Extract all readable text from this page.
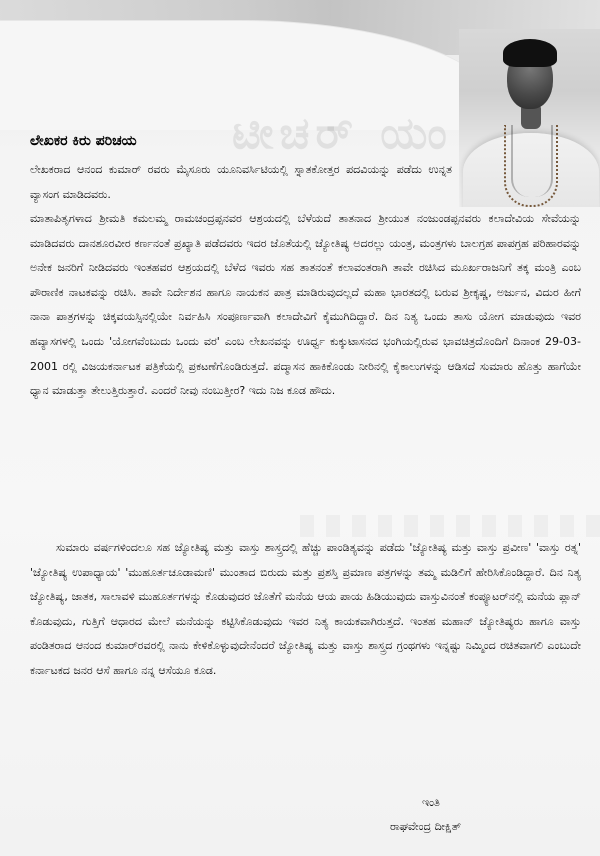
ಟೀಚರ್ ಯಂ
ಲೇಖಕರ ಕಿರು ಪರಿಚಯ

ಲೇಖಕರಾದ ಆನಂದ ಕುಮಾರ್ ರವರು ಮೈಸೂರು ಯೂನಿವರ್ಸಿಟಿಯಲ್ಲಿ ಸ್ನಾತಕೋತ್ತರ ಪದವಿಯನ್ನು ಪಡೆದು ಉನ್ನತ ವ್ಯಾಸಂಗ ಮಾಡಿದವರು.

ಮಾತಾಪಿತೃಗಳಾದ ಶ್ರೀಮತಿ ಕಮಲಮ್ಮ ರಾಮಚಂದ್ರಪ್ಪನವರ ಆಶ್ರಯದಲ್ಲಿ ಬೆಳೆಯದೆ ತಾತನಾದ ಶ್ರೀಯುತ ನಂಜುಂಡಪ್ಪನವರು ಕಲಾದೇವಿಯ ಸೇವೆಯನ್ನು ಮಾಡಿದವರು ದಾನಶೂರವೀರ ಕರ್ಣನಂತೆ ಪ್ರಖ್ಯಾತಿ ಪಡೆದವರು ಇದರ ಜೊತೆಯಲ್ಲಿ ಜ್ಯೋತಿಷ್ಯ ಅದರಲ್ಲು ಯಂತ್ರ, ಮಂತ್ರಗಳು ಬಾಲಗ್ರಹ ಪಾಪಗ್ರಹ ಪರಿಹಾರವನ್ನು ಅನೇಕ ಜನರಿಗೆ ನೀಡಿದವರು ಇಂತಹವರ ಆಶ್ರಯದಲ್ಲಿ ಬೆಳೆದ ಇವರು ಸಹ ತಾತನಂತೆ ಕಲಾವಂತರಾಗಿ ತಾವೇ ರಚಿಸಿದ ಮೂರ್ಖರಾಜನಿಗೆ ತಕ್ಕ ಮಂತ್ರಿ ಎಂಬ ಪೌರಾಣಿಕ ನಾಟಕವನ್ನು ರಚಿಸಿ. ತಾವೇ ನಿರ್ದೇಶನ ಹಾಗೂ ನಾಯಕನ ಪಾತ್ರ ಮಾಡಿರುವುದಲ್ಲದೆ ಮಹಾ ಭಾರತದಲ್ಲಿ ಬರುವ ಶ್ರೀಕೃಷ್ಣ, ಅರ್ಜುನ, ವಿದುರ ಹೀಗೆ ನಾನಾ ಪಾತ್ರಗಳನ್ನು ಚಿಕ್ಕವಯಸ್ಸಿನಲ್ಲಿಯೇ ನಿರ್ವಹಿಸಿ ಸಂಪೂರ್ಣವಾಗಿ ಕಲಾದೇವಿಗೆ ಕೈಮುಗಿದಿದ್ದಾರೆ. ದಿನ ನಿತ್ಯ ಒಂದು ತಾಸು ಯೋಗ ಮಾಡುವುದು ಇವರ ಹವ್ಯಾಸಗಳಲ್ಲಿ ಒಂದು 'ಯೋಗವೆಂಬುದು ಒಂದು ವರ' ಎಂಬ ಲೇಖನವನ್ನು ಊರ್ಧ್ವ ಕುಕ್ಕುಟಾಸನದ ಭಂಗಿಯಲ್ಲಿರುವ ಭಾವಚಿತ್ರದೊಂದಿಗೆ ದಿನಾಂಕ 29-03-2001 ರಲ್ಲಿ ವಿಜಯಕರ್ನಾಟಕ ಪತ್ರಿಕೆಯಲ್ಲಿ ಪ್ರಕಟಣೆಗೊಂಡಿರುತ್ತದೆ. ಪದ್ಮಾಸನ ಹಾಕಿಕೊಂಡು ನೀರಿನಲ್ಲಿ ಕೈಕಾಲುಗಳನ್ನು ಆಡಿಸದೆ ಸುಮಾರು ಹೊತ್ತು ಹಾಗೆಯೇ ಧ್ಯಾನ ಮಾಡುತ್ತಾ ತೇಲುತ್ತಿರುತ್ತಾರೆ. ಎಂದರೆ ನೀವು ನಂಬುತ್ತೀರ? ಇದು ನಿಜ ಕೂಡ ಹೌದು.

ಸುಮಾರು ವರ್ಷಗಳಿಂದಲೂ ಸಹ ಜ್ಯೋತಿಷ್ಯ ಮತ್ತು ವಾಸ್ತು ಶಾಸ್ತ್ರದಲ್ಲಿ ಹೆಚ್ಚು ಪಾಂಡಿತ್ಯವನ್ನು ಪಡೆದು 'ಜ್ಯೋತಿಷ್ಯ ಮತ್ತು ವಾಸ್ತು ಪ್ರವೀಣ' 'ವಾಸ್ತು ರತ್ನ' 'ಜ್ಯೋತಿಷ್ಯ ಉಪಾಧ್ಯಾಯ' 'ಮುಹೂರ್ತಚೂಡಾಮಣಿ' ಮುಂತಾದ ಬಿರುದು ಮತ್ತು ಪ್ರಶಸ್ತಿ ಪ್ರಮಾಣ ಪತ್ರಗಳನ್ನು ತಮ್ಮ ಮಡಿಲಿಗೆ ಹೇರಿಸಿಕೊಂಡಿದ್ದಾರೆ. ದಿನ ನಿತ್ಯ ಜ್ಯೋತಿಷ್ಯ, ಜಾತಕ, ಸಾಲಾವಳಿ ಮುಹೂರ್ತಗಳನ್ನು ಕೊಡುವುದರ ಜೊತೆಗೆ ಮನೆಯ ಆಯ ಪಾಯ ಹಿಡಿಯುವುದು ವಾಸ್ತುವಿನಂತೆ ಕಂಪ್ಯೂಟರ್‌ನಲ್ಲಿ ಮನೆಯ ಪ್ಲಾನ್ ಕೊಡುವುದು, ಗುತ್ತಿಗೆ ಆಧಾರದ ಮೇಲೆ ಮನೆಯನ್ನು ಕಟ್ಟಿಸಿಕೊಡುವುದು ಇವರ ನಿತ್ಯ ಕಾಯಕವಾಗಿರುತ್ತದೆ. ಇಂತಹ ಮಹಾನ್ ಜ್ಯೋತಿಷ್ಯರು ಹಾಗೂ ವಾಸ್ತು ಪಂಡಿತರಾದ ಆನಂದ ಕುಮಾರ್‌ರವರಲ್ಲಿ ನಾನು ಕೇಳಿಕೊಳ್ಳುವುದೇನೆಂದರೆ ಜ್ಯೋತಿಷ್ಯ ಮತ್ತು ವಾಸ್ತು ಶಾಸ್ತ್ರದ ಗ್ರಂಥಗಳು ಇನ್ನಷ್ಟು ನಿಮ್ಮಿಂದ ರಚಿತವಾಗಲಿ ಎಂಬುದೇ ಕರ್ನಾಟಕದ ಜನರ ಆಸೆ ಹಾಗೂ ನನ್ನ ಆಸೆಯೂ ಕೂಡ.

ಇಂತಿ
ರಾಘವೇಂದ್ರ ದೀಕ್ಷಿತ್
